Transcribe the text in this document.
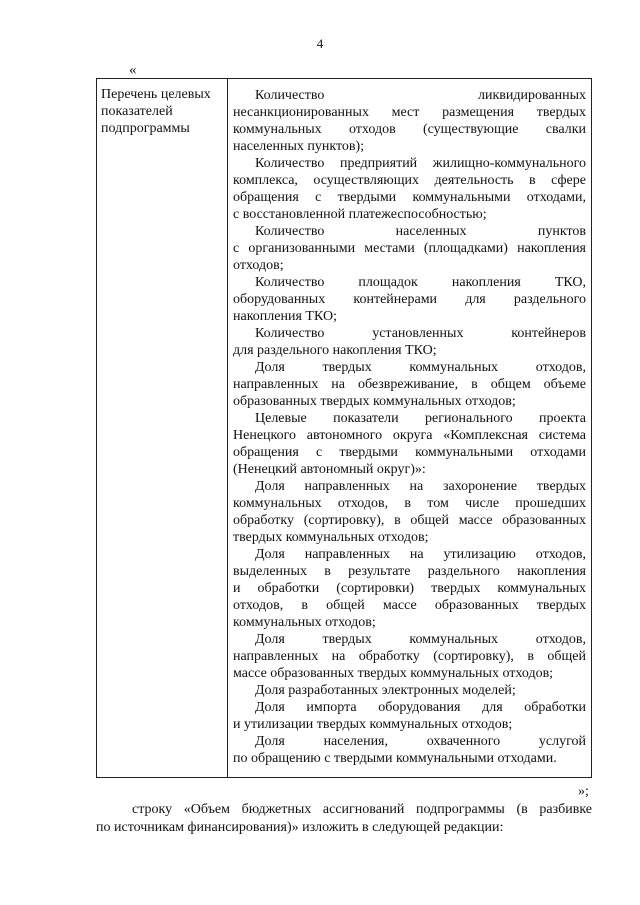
4
«
Перечень целевых
показателей
подпрограммы
Количество ликвидированных
несанкционированных мест размещения твердых
коммунальных отходов (существующие свалки
населенных пунктов);
Количество предприятий жилищно-коммунального
комплекса, осуществляющих деятельность в сфере
обращения с твердыми коммунальными отходами,
с восстановленной платежеспособностью;
Количество населенных пунктов
с организованными местами (площадками) накопления
отходов;
Количество площадок накопления ТКО,
оборудованных контейнерами для раздельного
накопления ТКО;
Количество установленных контейнеров
для раздельного накопления ТКО;
Доля твердых коммунальных отходов,
направленных на обезвреживание, в общем объеме
образованных твердых коммунальных отходов;
Целевые показатели регионального проекта
Ненецкого автономного округа «Комплексная система
обращения с твердыми коммунальными отходами
(Ненецкий автономный округ)»:
Доля направленных на захоронение твердых
коммунальных отходов, в том числе прошедших
обработку (сортировку), в общей массе образованных
твердых коммунальных отходов;
Доля направленных на утилизацию отходов,
выделенных в результате раздельного накопления
и обработки (сортировки) твердых коммунальных
отходов, в общей массе образованных твердых
коммунальных отходов;
Доля твердых коммунальных отходов,
направленных на обработку (сортировку), в общей
массе образованных твердых коммунальных отходов;
Доля разработанных электронных моделей;
Доля импорта оборудования для обработки
и утилизации твердых коммунальных отходов;
Доля населения, охваченного услугой
по обращению с твердыми коммунальными отходами.
»;
строку «Объем бюджетных ассигнований подпрограммы (в разбивке
по источникам финансирования)» изложить в следующей редакции:
